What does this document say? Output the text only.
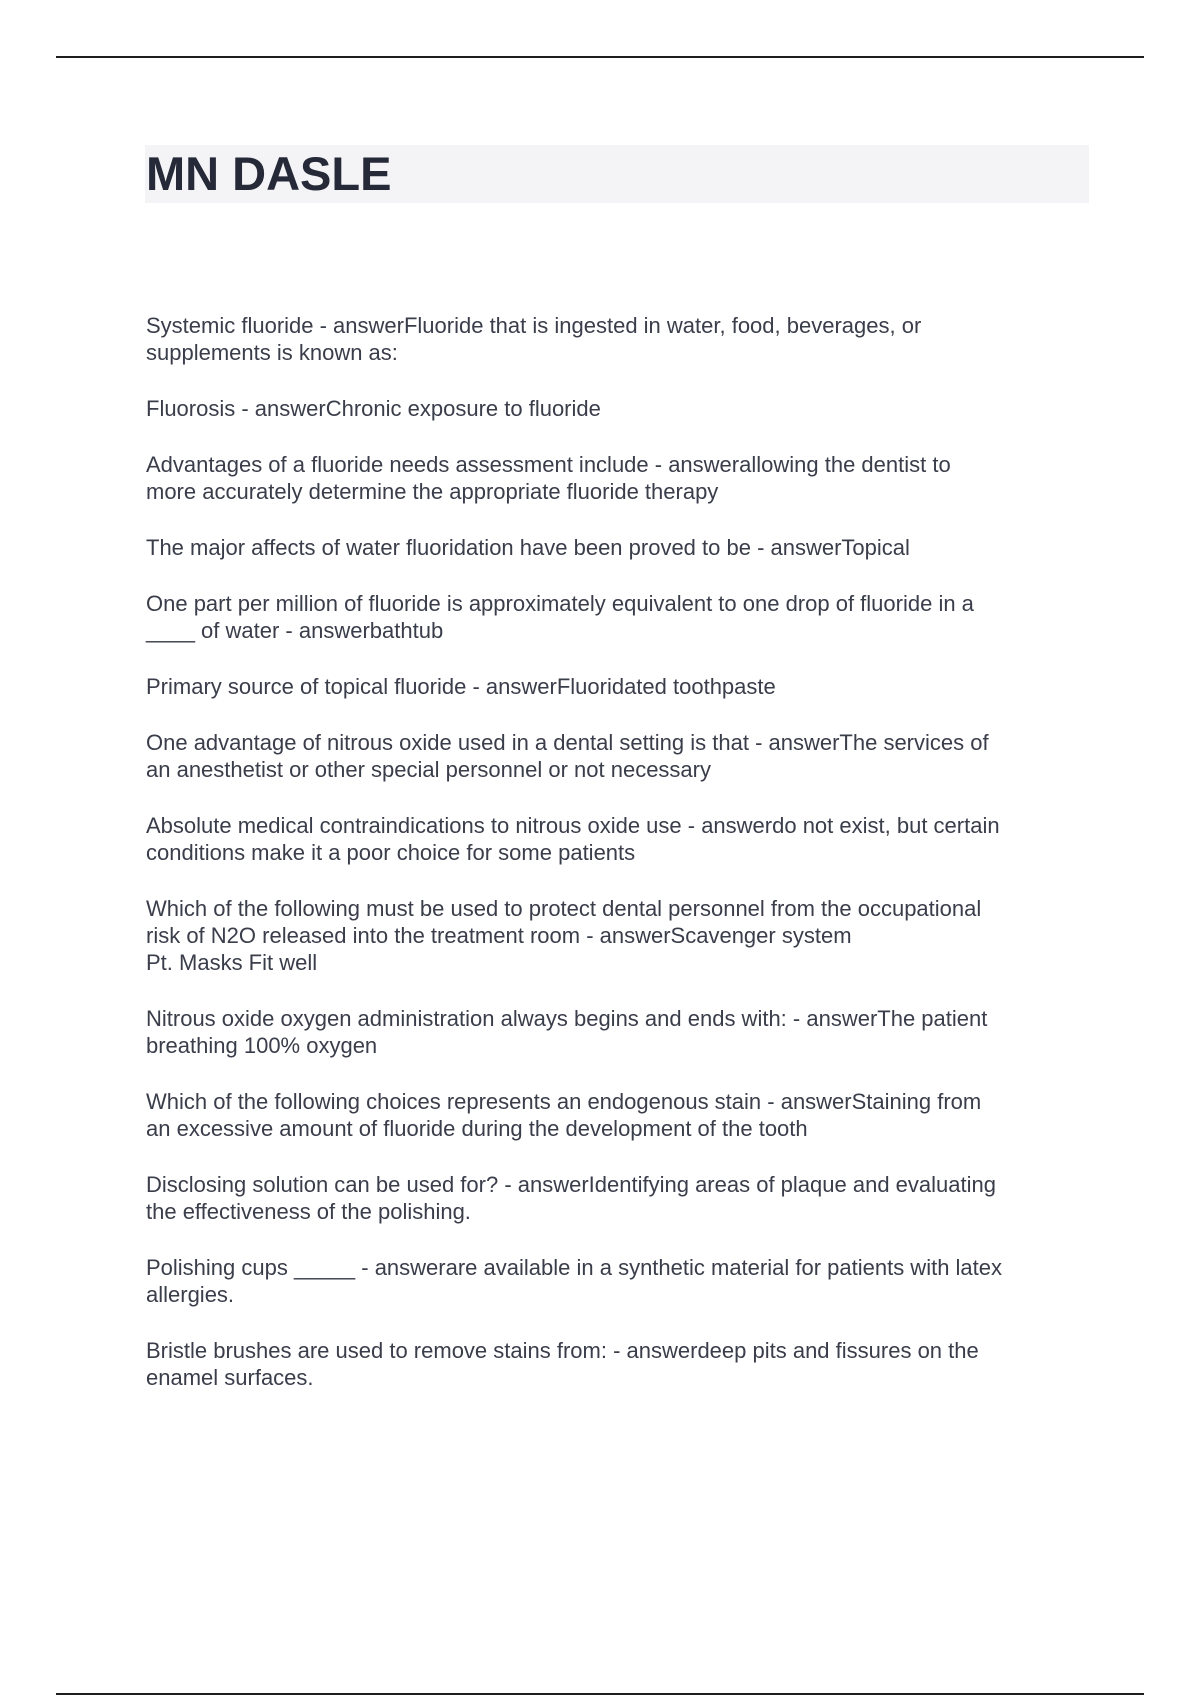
MN DASLE

Systemic fluoride - answerFluoride that is ingested in water, food, beverages, or
supplements is known as:

Fluorosis - answerChronic exposure to fluoride

Advantages of a fluoride needs assessment include - answerallowing the dentist to
more accurately determine the appropriate fluoride therapy

The major affects of water fluoridation have been proved to be - answerTopical

One part per million of fluoride is approximately equivalent to one drop of fluoride in a
____ of water - answerbathtub

Primary source of topical fluoride - answerFluoridated toothpaste

One advantage of nitrous oxide used in a dental setting is that - answerThe services of
an anesthetist or other special personnel or not necessary

Absolute medical contraindications to nitrous oxide use - answerdo not exist, but certain
conditions make it a poor choice for some patients

Which of the following must be used to protect dental personnel from the occupational
risk of N2O released into the treatment room - answerScavenger system
Pt. Masks Fit well

Nitrous oxide oxygen administration always begins and ends with: - answerThe patient
breathing 100% oxygen

Which of the following choices represents an endogenous stain - answerStaining from
an excessive amount of fluoride during the development of the tooth

Disclosing solution can be used for? - answerIdentifying areas of plaque and evaluating
the effectiveness of the polishing.

Polishing cups _____ - answerare available in a synthetic material for patients with latex
allergies.

Bristle brushes are used to remove stains from: - answerdeep pits and fissures on the
enamel surfaces.
